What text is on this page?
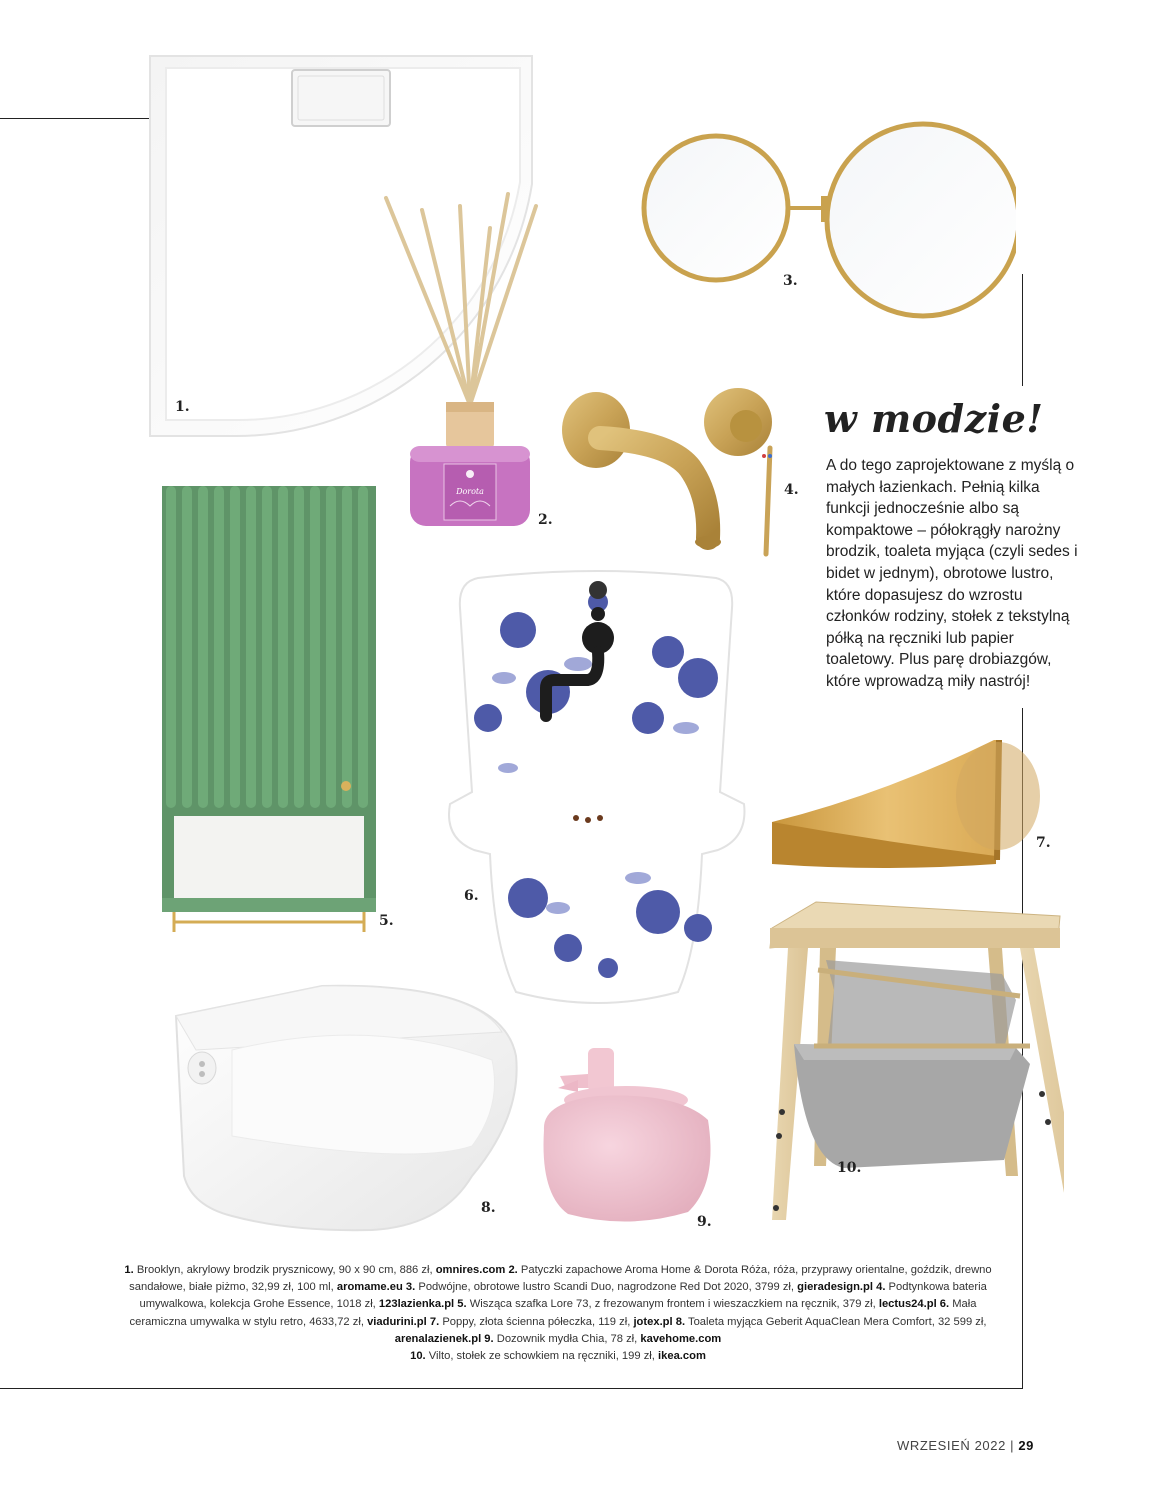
Dorota
1.
2.
3.
4.
5.
6.
7.
8.
9.
10.
w modzie!
A do tego zaprojektowane z myślą o małych łazienkach. Pełnią kilka funkcji jednocześnie albo są kompaktowe – półokrągły narożny brodzik, toaleta myjąca (czyli sedes i bidet w jednym), obrotowe lustro, które dopasujesz do wzrostu członków rodziny, stołek z tekstylną półką na ręczniki lub papier toaletowy. Plus parę drobiazgów, które wprowadzą miły nastrój!
1. Brooklyn, akrylowy brodzik prysznicowy, 90 x 90 cm, 886 zł, omnires.com 2. Patyczki zapachowe Aroma Home & Dorota Róża, róża, przyprawy orientalne, goździk, drewno sandałowe, białe piżmo, 32,99 zł, 100 ml, aromame.eu 3. Podwójne, obrotowe lustro Scandi Duo, nagrodzone Red Dot 2020, 3799 zł, gieradesign.pl 4. Podtynkowa bateria umywalkowa, kolekcja Grohe Essence, 1018 zł, 123lazienka.pl 5. Wisząca szafka Lore 73, z frezowanym frontem i wieszaczkiem na ręcznik, 379 zł, lectus24.pl 6. Mała ceramiczna umywalka w stylu retro, 4633,72 zł, viadurini.pl 7. Poppy, złota ścienna półeczka, 119 zł, jotex.pl 8. Toaleta myjąca Geberit AquaClean Mera Comfort, 32 599 zł, arenalazienek.pl 9. Dozownik mydła Chia, 78 zł, kavehome.com
10. Vilto, stołek ze schowkiem na ręczniki, 199 zł, ikea.com
WRZESIEŃ 2022 | 29
